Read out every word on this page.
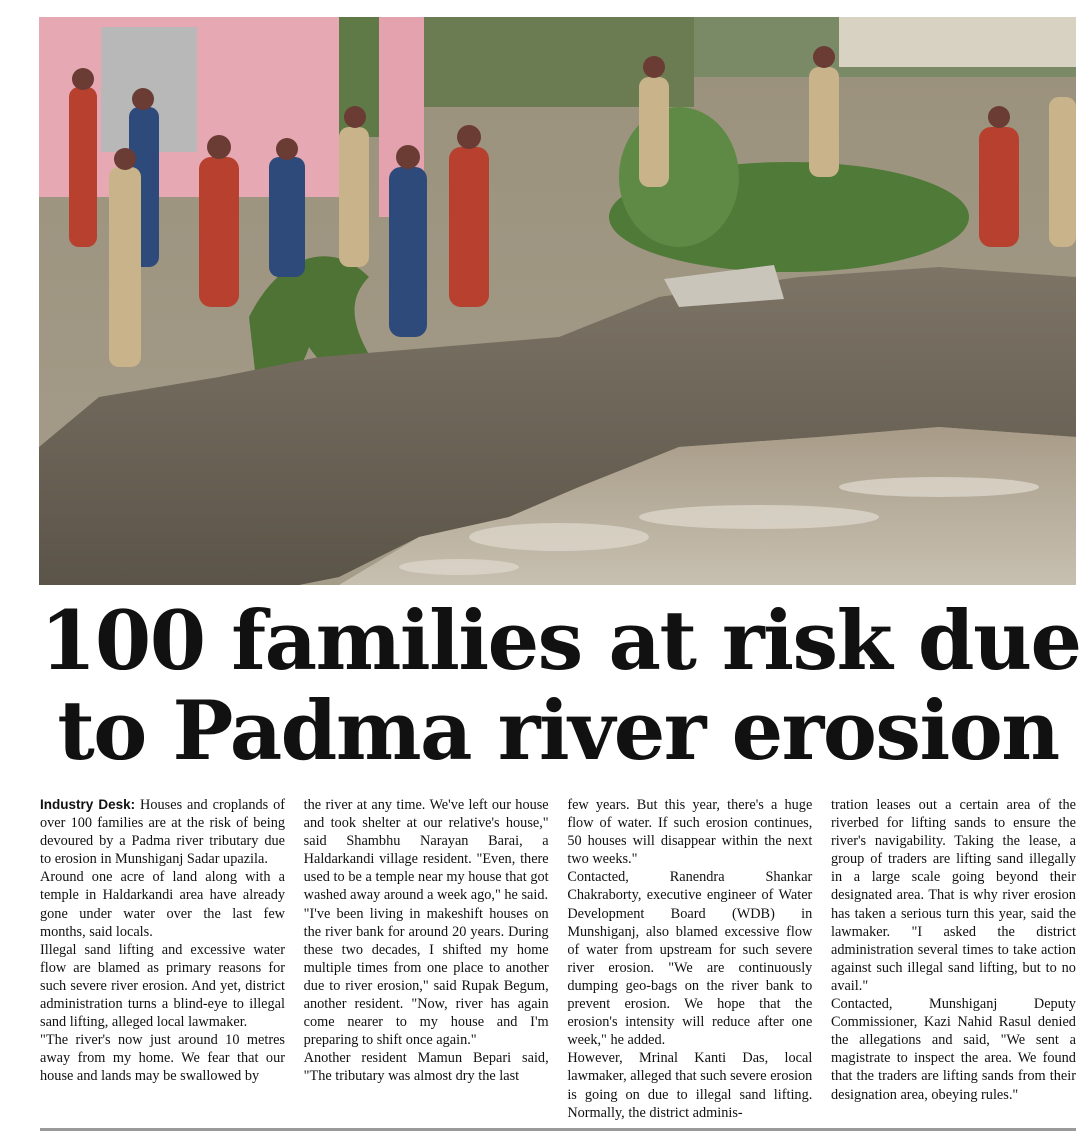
100 families at risk due
to Padma river erosion

Industry Desk: Houses and croplands of over 100 families are at the risk of being devoured by a Padma river tributary due to erosion in Munshiganj Sadar upazila.

Around one acre of land along with a temple in Haldarkandi area have already gone under water over the last few months, said locals.

Illegal sand lifting and excessive water flow are blamed as primary reasons for such severe river erosion. And yet, district administration turns a blind-eye to illegal sand lifting, alleged local lawmaker.

"The river's now just around 10 metres away from my home. We fear that our house and lands may be swallowed by

the river at any time. We've left our house and took shelter at our relative's house," said Shambhu Narayan Barai, a Haldarkandi village resident. "Even, there used to be a temple near my house that got washed away around a week ago," he said.

"I've been living in makeshift houses on the river bank for around 20 years. During these two decades, I shifted my home multiple times from one place to another due to river erosion," said Rupak Begum, another resident. "Now, river has again come nearer to my house and I'm preparing to shift once again."

Another resident Mamun Bepari said, "The tributary was almost dry the last

few years. But this year, there's a huge flow of water. If such erosion continues, 50 houses will disappear within the next two weeks."

Contacted, Ranendra Shankar Chakraborty, executive engineer of Water Development Board (WDB) in Munshiganj, also blamed excessive flow of water from upstream for such severe river erosion. "We are continuously dumping geo-bags on the river bank to prevent erosion. We hope that the erosion's intensity will reduce after one week," he added.

However, Mrinal Kanti Das, local lawmaker, alleged that such severe erosion is going on due to illegal sand lifting. Normally, the district adminis-

tration leases out a certain area of the riverbed for lifting sands to ensure the river's navigability. Taking the lease, a group of traders are lifting sand illegally in a large scale going beyond their designated area. That is why river erosion has taken a serious turn this year, said the lawmaker. "I asked the district administration several times to take action against such illegal sand lifting, but to no avail."

Contacted, Munshiganj Deputy Commissioner, Kazi Nahid Rasul denied the allegations and said, "We sent a magistrate to inspect the area. We found that the traders are lifting sands from their designation area, obeying rules."
